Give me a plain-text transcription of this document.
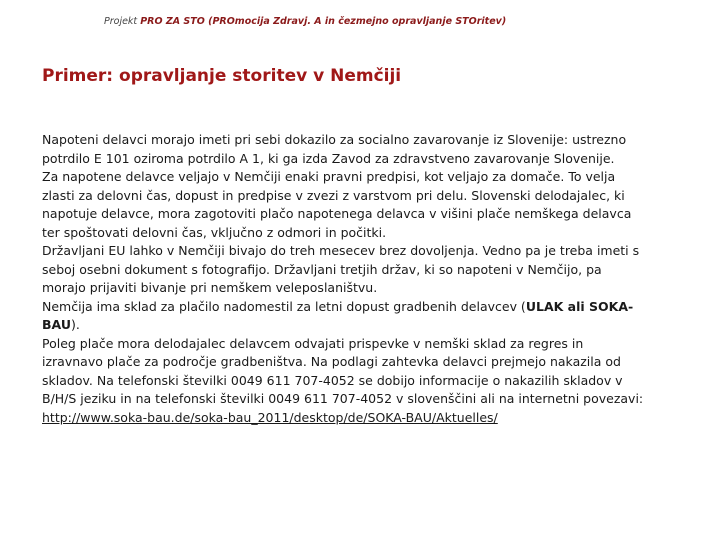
Projekt PRO ZA STO (PROmocija Zdravj. A in čezmejno opravljanje STOritev)
Primer: opravljanje storitev v Nemčiji
Napoteni delavci morajo imeti pri sebi dokazilo za socialno zavarovanje iz Slovenije: ustrezno
potrdilo E 101 oziroma potrdilo A 1, ki ga izda Zavod za zdravstveno zavarovanje Slovenije.
Za napotene delavce veljajo v Nemčiji enaki pravni predpisi, kot veljajo za domače. To velja
zlasti za delovni čas, dopust in predpise v zvezi z varstvom pri delu. Slovenski delodajalec, ki
napotuje delavce, mora zagotoviti plačo napotenega delavca v višini plače nemškega delavca
ter spoštovati delovni čas, vključno z odmori in počitki.
Državljani EU lahko v Nemčiji bivajo do treh mesecev brez dovoljenja. Vedno pa je treba imeti s
seboj osebni dokument s fotografijo. Državljani tretjih držav, ki so napoteni v Nemčijo, pa
morajo prijaviti bivanje pri nemškem veleposlaništvu.
Nemčija ima sklad za plačilo nadomestil za letni dopust gradbenih delavcev (ULAK ali SOKA-
BAU).
Poleg plače mora delodajalec delavcem odvajati prispevke v nemški sklad za regres in
izravnavo plače za področje gradbeništva. Na podlagi zahtevka delavci prejmejo nakazila od
skladov. Na telefonski številki 0049 611 707-4052 se dobijo informacije o nakazilih skladov v
B/H/S jeziku in na telefonski številki 0049 611 707-4052 v slovenščini ali na internetni povezavi:
http://www.soka-bau.de/soka-bau_2011/desktop/de/SOKA-BAU/Aktuelles/
